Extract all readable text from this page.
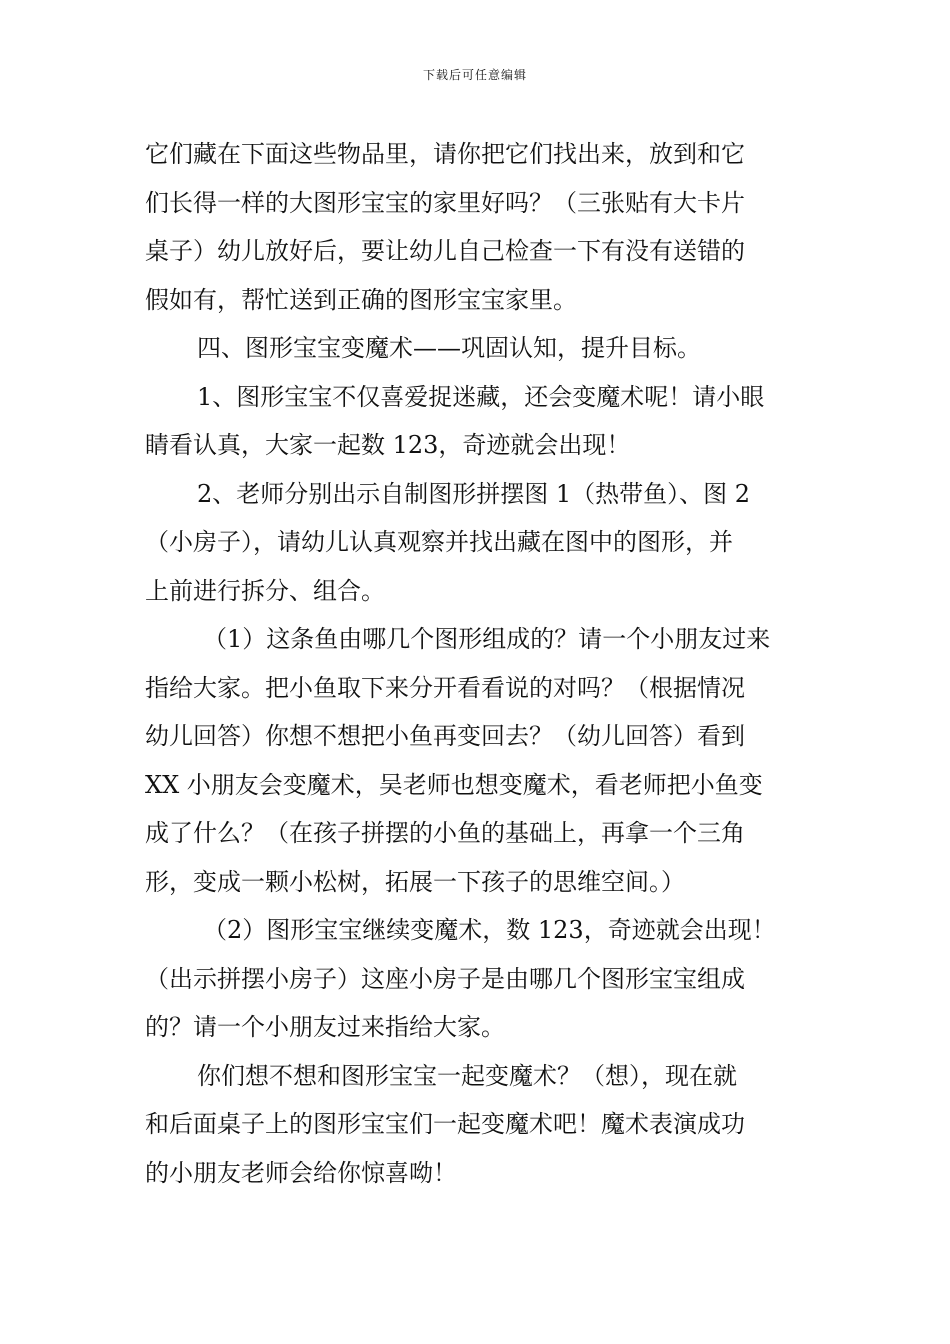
下载后可任意编辑
它们藏在下面这些物品里，请你把它们找出来，放到和它
们长得一样的大图形宝宝的家里好吗？（三张贴有大卡片
桌子）幼儿放好后，要让幼儿自己检查一下有没有送错的
假如有，帮忙送到正确的图形宝宝家里。
四、图形宝宝变魔术——巩固认知，提升目标。
1、图形宝宝不仅喜爱捉迷藏，还会变魔术呢！请小眼
睛看认真，大家一起数 123，奇迹就会出现！
2、老师分别出示自制图形拼摆图 1（热带鱼）、图 2
（小房子），请幼儿认真观察并找出藏在图中的图形，并
上前进行拆分、组合。
（1）这条鱼由哪几个图形组成的？请一个小朋友过来
指给大家。把小鱼取下来分开看看说的对吗？（根据情况
幼儿回答）你想不想把小鱼再变回去？（幼儿回答）看到
XX 小朋友会变魔术，吴老师也想变魔术，看老师把小鱼变
成了什么？（在孩子拼摆的小鱼的基础上，再拿一个三角
形，变成一颗小松树，拓展一下孩子的思维空间。）
（2）图形宝宝继续变魔术，数 123，奇迹就会出现！
（出示拼摆小房子）这座小房子是由哪几个图形宝宝组成
的？请一个小朋友过来指给大家。
你们想不想和图形宝宝一起变魔术？（想），现在就
和后面桌子上的图形宝宝们一起变魔术吧！魔术表演成功
的小朋友老师会给你惊喜呦！
